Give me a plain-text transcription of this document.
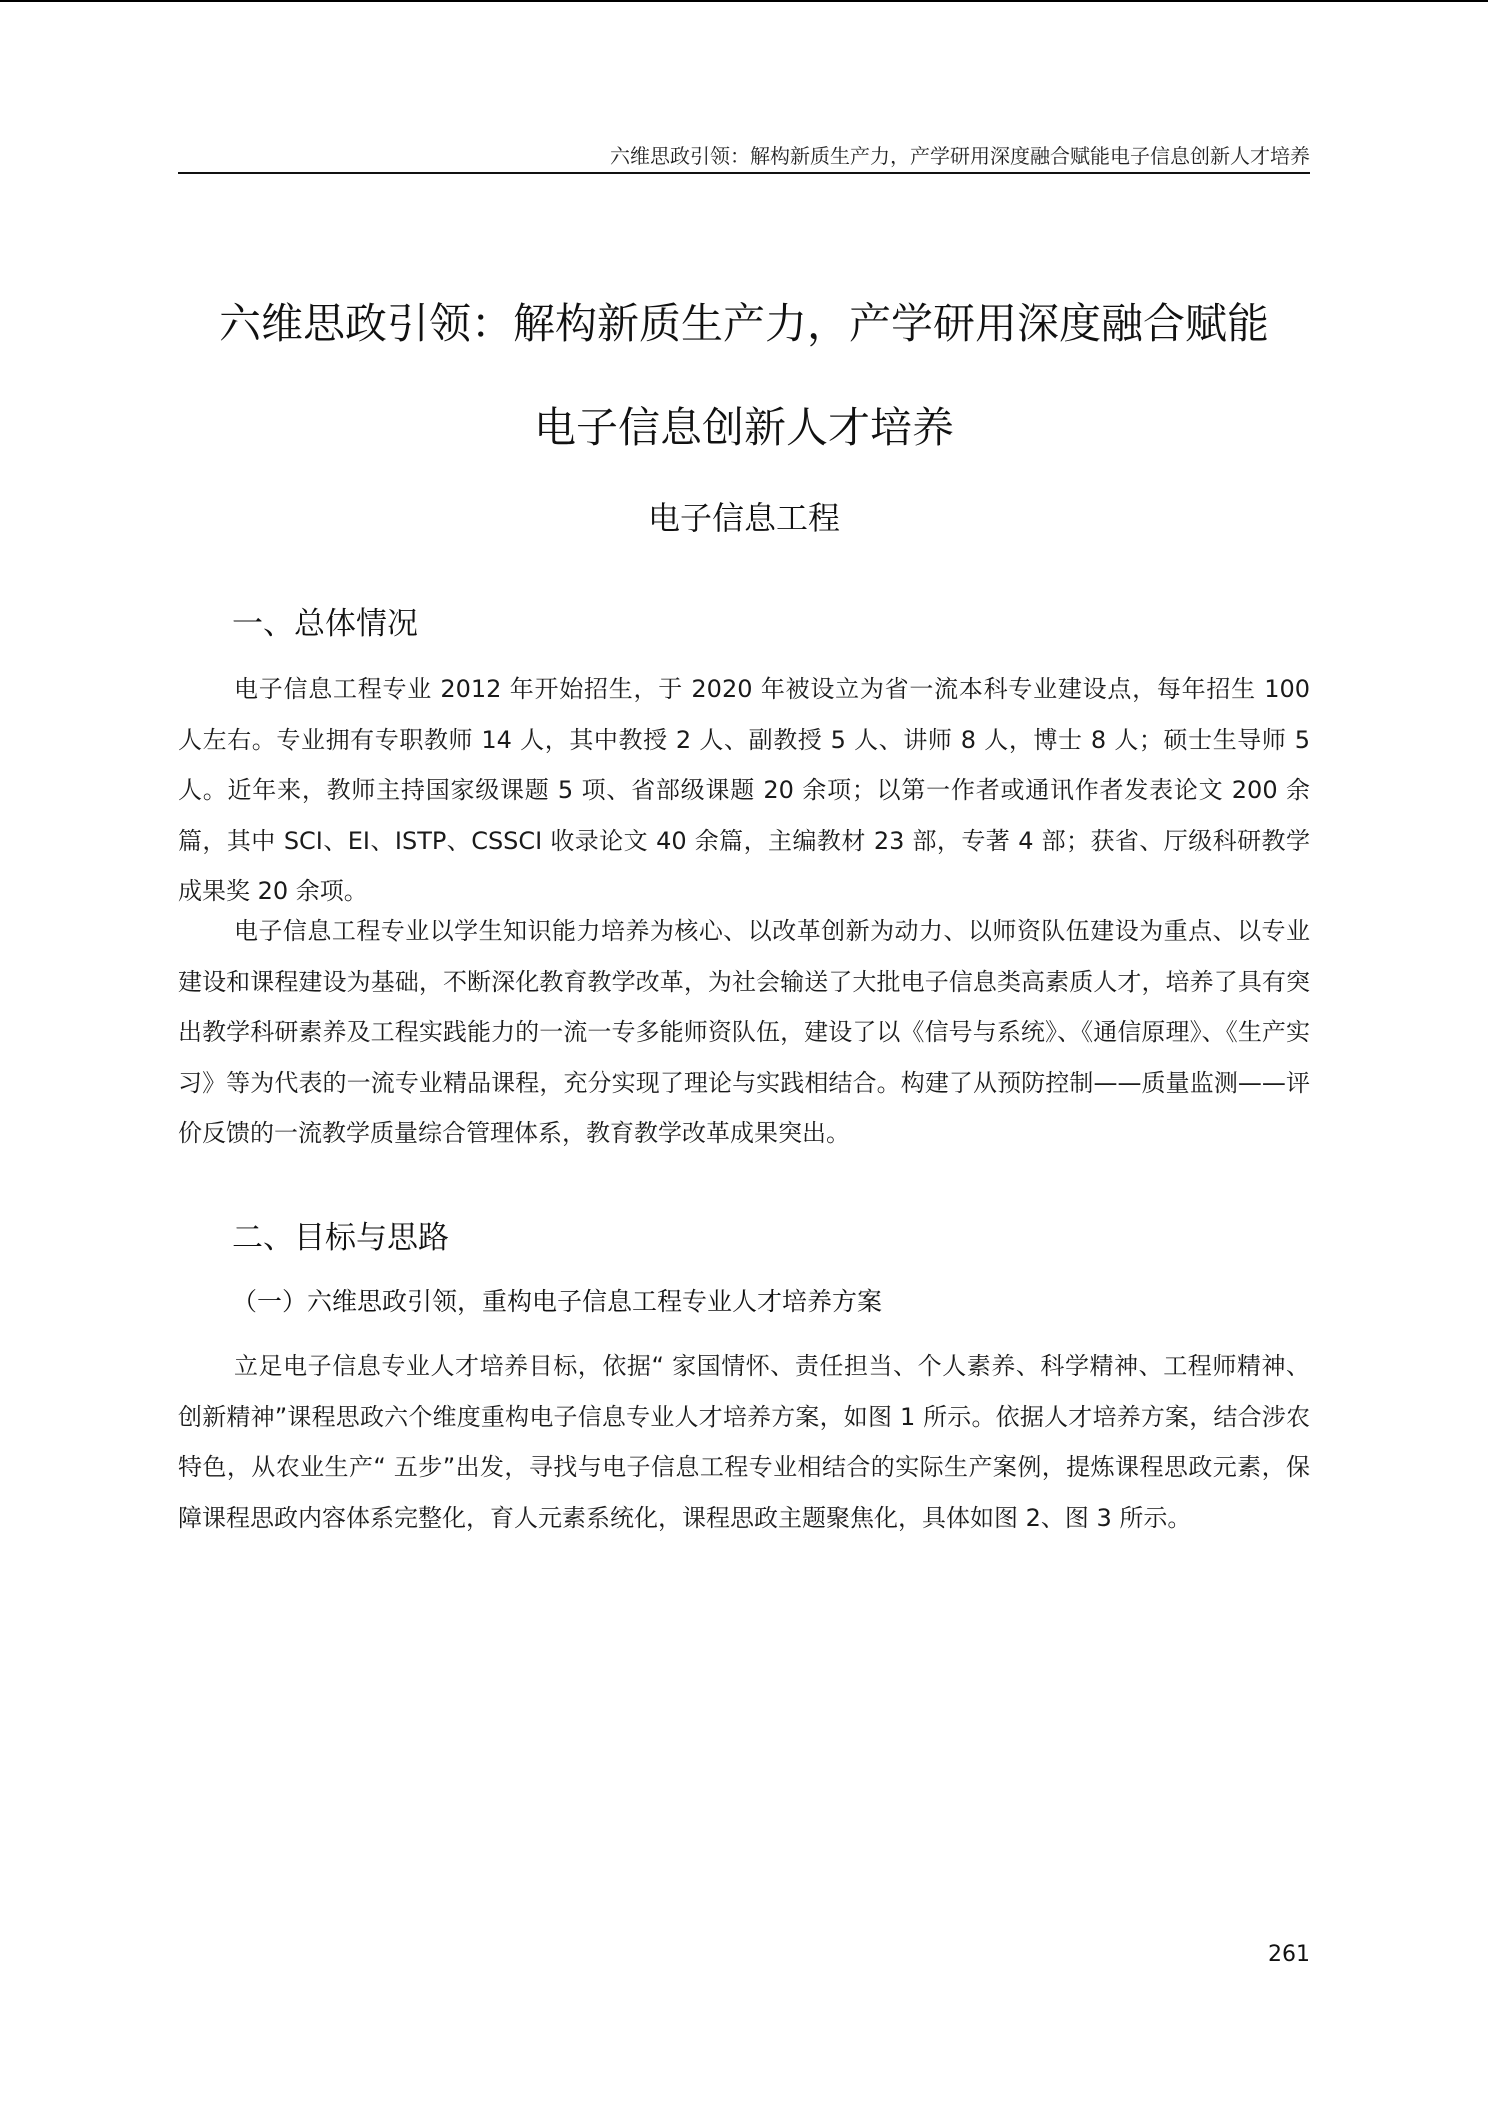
六维思政引领：解构新质生产力，产学研用深度融合赋能电子信息创新人才培养
六维思政引领：解构新质生产力，产学研用深度融合赋能
电子信息创新人才培养
电子信息工程
一、总体情况

电子信息工程专业 2012 年开始招生，于 2020 年被设立为省一流本科专业建设点，每年招生 100 人左右。专业拥有专职教师 14 人，其中教授 2 人、副教授 5 人、讲师 8 人，博士 8 人；硕士生导师 5 人。近年来，教师主持国家级课题 5 项、省部级课题 20 余项；以第一作者或通讯作者发表论文 200 余篇，其中 SCI、EI、ISTP、CSSCI 收录论文 40 余篇，主编教材 23 部，专著 4 部；获省、厅级科研教学成果奖 20 余项。

电子信息工程专业以学生知识能力培养为核心、以改革创新为动力、以师资队伍建设为重点、以专业建设和课程建设为基础，不断深化教育教学改革，为社会输送了大批电子信息类高素质人才，培养了具有突出教学科研素养及工程实践能力的一流一专多能师资队伍，建设了以《信号与系统》、《通信原理》、《生产实习》等为代表的一流专业精品课程，充分实现了理论与实践相结合。构建了从预防控制——质量监测——评价反馈的一流教学质量综合管理体系，教育教学改革成果突出。

二、目标与思路
（一）六维思政引领，重构电子信息工程专业人才培养方案

立足电子信息专业人才培养目标，依据“ 家国情怀、责任担当、个人素养、科学精神、工程师精神、创新精神”课程思政六个维度重构电子信息专业人才培养方案，如图 1 所示。依据人才培养方案，结合涉农特色，从农业生产“ 五步”出发，寻找与电子信息工程专业相结合的实际生产案例，提炼课程思政元素，保障课程思政内容体系完整化，育人元素系统化，课程思政主题聚焦化，具体如图 2、图 3 所示。

261
